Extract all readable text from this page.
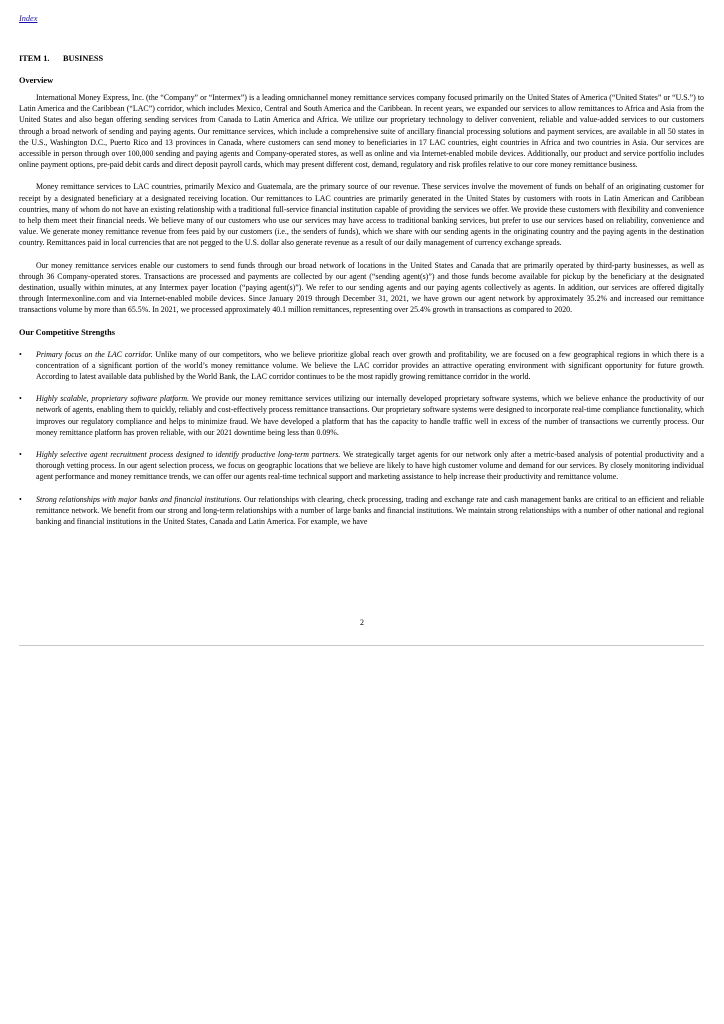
Index
ITEM 1. BUSINESS
Overview

International Money Express, Inc. (the “Company” or “Intermex”) is a leading omnichannel money remittance services company focused primarily on the United States of America (“United States” or “U.S.”) to Latin America and the Caribbean (“LAC”) corridor, which includes Mexico, Central and South America and the Caribbean. In recent years, we expanded our services to allow remittances to Africa and Asia from the United States and also began offering sending services from Canada to Latin America and Africa. We utilize our proprietary technology to deliver convenient, reliable and value-added services to our customers through a broad network of sending and paying agents. Our remittance services, which include a comprehensive suite of ancillary financial processing solutions and payment services, are available in all 50 states in the U.S., Washington D.C., Puerto Rico and 13 provinces in Canada, where customers can send money to beneficiaries in 17 LAC countries, eight countries in Africa and two countries in Asia. Our services are accessible in person through over 100,000 sending and paying agents and Company-operated stores, as well as online and via Internet-enabled mobile devices. Additionally, our product and service portfolio includes online payment options, pre-paid debit cards and direct deposit payroll cards, which may present different cost, demand, regulatory and risk profiles relative to our core money remittance business.

Money remittance services to LAC countries, primarily Mexico and Guatemala, are the primary source of our revenue. These services involve the movement of funds on behalf of an originating customer for receipt by a designated beneficiary at a designated receiving location. Our remittances to LAC countries are primarily generated in the United States by customers with roots in Latin American and Caribbean countries, many of whom do not have an existing relationship with a traditional full-service financial institution capable of providing the services we offer. We provide these customers with flexibility and convenience to help them meet their financial needs. We believe many of our customers who use our services may have access to traditional banking services, but prefer to use our services based on reliability, convenience and value. We generate money remittance revenue from fees paid by our customers (i.e., the senders of funds), which we share with our sending agents in the originating country and the paying agents in the destination country. Remittances paid in local currencies that are not pegged to the U.S. dollar also generate revenue as a result of our daily management of currency exchange spreads.

Our money remittance services enable our customers to send funds through our broad network of locations in the United States and Canada that are primarily operated by third-party businesses, as well as through 36 Company-operated stores. Transactions are processed and payments are collected by our agent (“sending agent(s)”) and those funds become available for pickup by the beneficiary at the designated destination, usually within minutes, at any Intermex payer location (“paying agent(s)”). We refer to our sending agents and our paying agents collectively as agents. In addition, our services are offered digitally through Intermexonline.com and via Internet-enabled mobile devices. Since January 2019 through December 31, 2021, we have grown our agent network by approximately 35.2% and increased our remittance transactions volume by more than 65.5%. In 2021, we processed approximately 40.1 million remittances, representing over 25.4% growth in transactions as compared to 2020.

Our Competitive Strengths
• Primary focus on the LAC corridor. Unlike many of our competitors, who we believe prioritize global reach over growth and profitability, we are focused on a few geographical regions in which there is a concentration of a significant portion of the world’s money remittance volume. We believe the LAC corridor provides an attractive operating environment with significant opportunity for future growth. According to latest available data published by the World Bank, the LAC corridor continues to be the most rapidly growing remittance corridor in the world.
• Highly scalable, proprietary software platform. We provide our money remittance services utilizing our internally developed proprietary software systems, which we believe enhance the productivity of our network of agents, enabling them to quickly, reliably and cost-effectively process remittance transactions. Our proprietary software systems were designed to incorporate real-time compliance functionality, which improves our regulatory compliance and helps to minimize fraud. We have developed a platform that has the capacity to handle traffic well in excess of the number of transactions we currently process. Our money remittance platform has proven reliable, with our 2021 downtime being less than 0.09%.
• Highly selective agent recruitment process designed to identify productive long-term partners. We strategically target agents for our network only after a metric-based analysis of potential productivity and a thorough vetting process. In our agent selection process, we focus on geographic locations that we believe are likely to have high customer volume and demand for our services. By closely monitoring individual agent performance and money remittance trends, we can offer our agents real-time technical support and marketing assistance to help increase their productivity and remittance volume.
• Strong relationships with major banks and financial institutions. Our relationships with clearing, check processing, trading and exchange rate and cash management banks are critical to an efficient and reliable remittance network. We benefit from our strong and long-term relationships with a number of large banks and financial institutions. We maintain strong relationships with a number of other national and regional banking and financial institutions in the United States, Canada and Latin America. For example, we have
2
